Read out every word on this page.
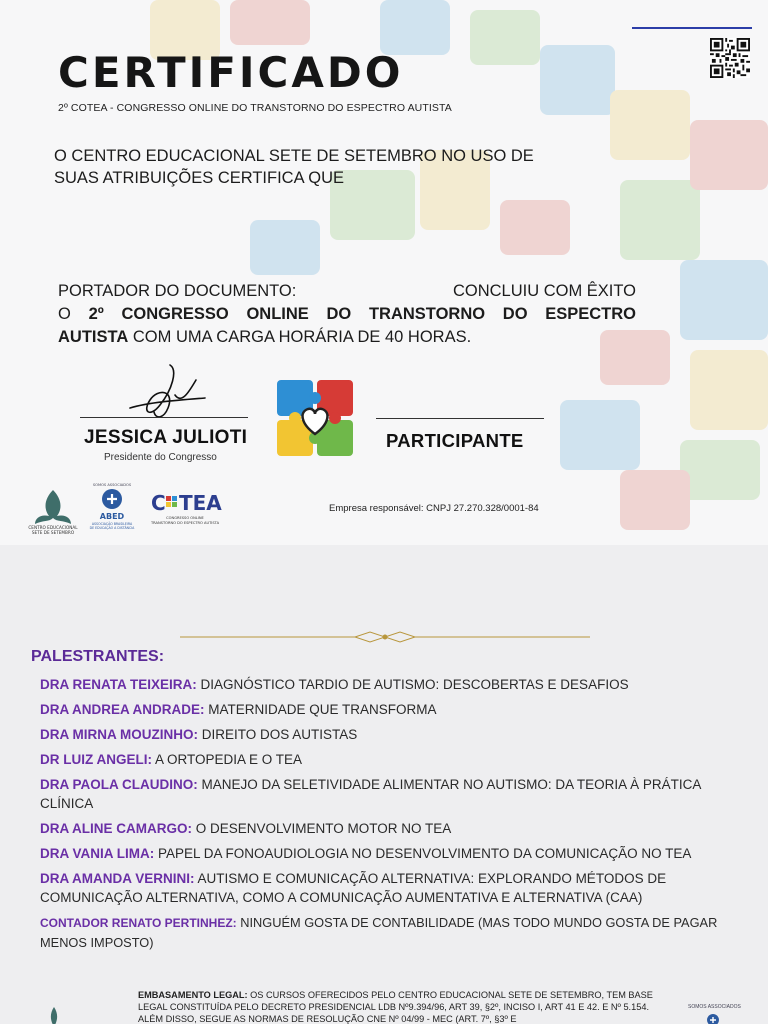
CERTIFICADO
2º COTEA - CONGRESSO ONLINE DO TRANSTORNO DO ESPECTRO AUTISTA
O CENTRO EDUCACIONAL SETE DE SETEMBRO NO USO DE SUAS ATRIBUIÇÕES CERTIFICA QUE
PORTADOR DO DOCUMENTO:	CONCLUIU COM ÊXITO
O 2º CONGRESSO ONLINE DO TRANSTORNO DO ESPECTRO
AUTISTA COM UMA CARGA HORÁRIA DE 40 HORAS.
JESSICA JULIOTI
Presidente do Congresso
PARTICIPANTE
CENTRO EDUCACIONAL
SETE DE SETEMBRO
SOMOS ASSOCIADOS
ABED
ASSOCIAÇÃO BRASILEIRA
DE EDUCAÇÃO A DISTÂNCIA
C TEA
CONGRESSO ONLINE
TRANSTORNO DO ESPECTRO AUTISTA
Empresa responsável: CNPJ 27.270.328/0001-84
PALESTRANTES:
DRA RENATA TEIXEIRA: DIAGNÓSTICO TARDIO DE AUTISMO: DESCOBERTAS E DESAFIOS
DRA ANDREA ANDRADE: MATERNIDADE QUE TRANSFORMA
DRA MIRNA MOUZINHO: DIREITO DOS AUTISTAS
DR LUIZ ANGELI: A ORTOPEDIA E O TEA
DRA PAOLA CLAUDINO: MANEJO DA SELETIVIDADE ALIMENTAR NO AUTISMO: DA TEORIA À PRÁTICA CLÍNICA
DRA ALINE CAMARGO: O DESENVOLVIMENTO MOTOR NO TEA
DRA VANIA LIMA: PAPEL DA FONOAUDIOLOGIA NO DESENVOLVIMENTO DA COMUNICAÇÃO NO TEA
DRA AMANDA VERNINI: AUTISMO E COMUNICAÇÃO ALTERNATIVA: EXPLORANDO MÉTODOS DE COMUNICAÇÃO ALTERNATIVA, COMO A COMUNICAÇÃO AUMENTATIVA E ALTERNATIVA (CAA)
CONTADOR RENATO PERTINHEZ: NINGUÉM GOSTA DE CONTABILIDADE (MAS TODO MUNDO GOSTA DE PAGAR MENOS IMPOSTO)
EMBASAMENTO LEGAL: OS CURSOS OFERECIDOS PELO CENTRO EDUCACIONAL SETE DE SETEMBRO, TEM BASE LEGAL CONSTITUÍDA PELO DECRETO PRESIDENCIAL LDB Nº9.394/96, ART 39, §2º, INCISO I, ART 41 E 42. E Nº 5.154. ALÉM DISSO, SEGUE AS NORMAS DE RESOLUÇÃO CNE Nº 04/99 - MEC (ART. 7º, §3º E
SOMOS ASSOCIADOS
